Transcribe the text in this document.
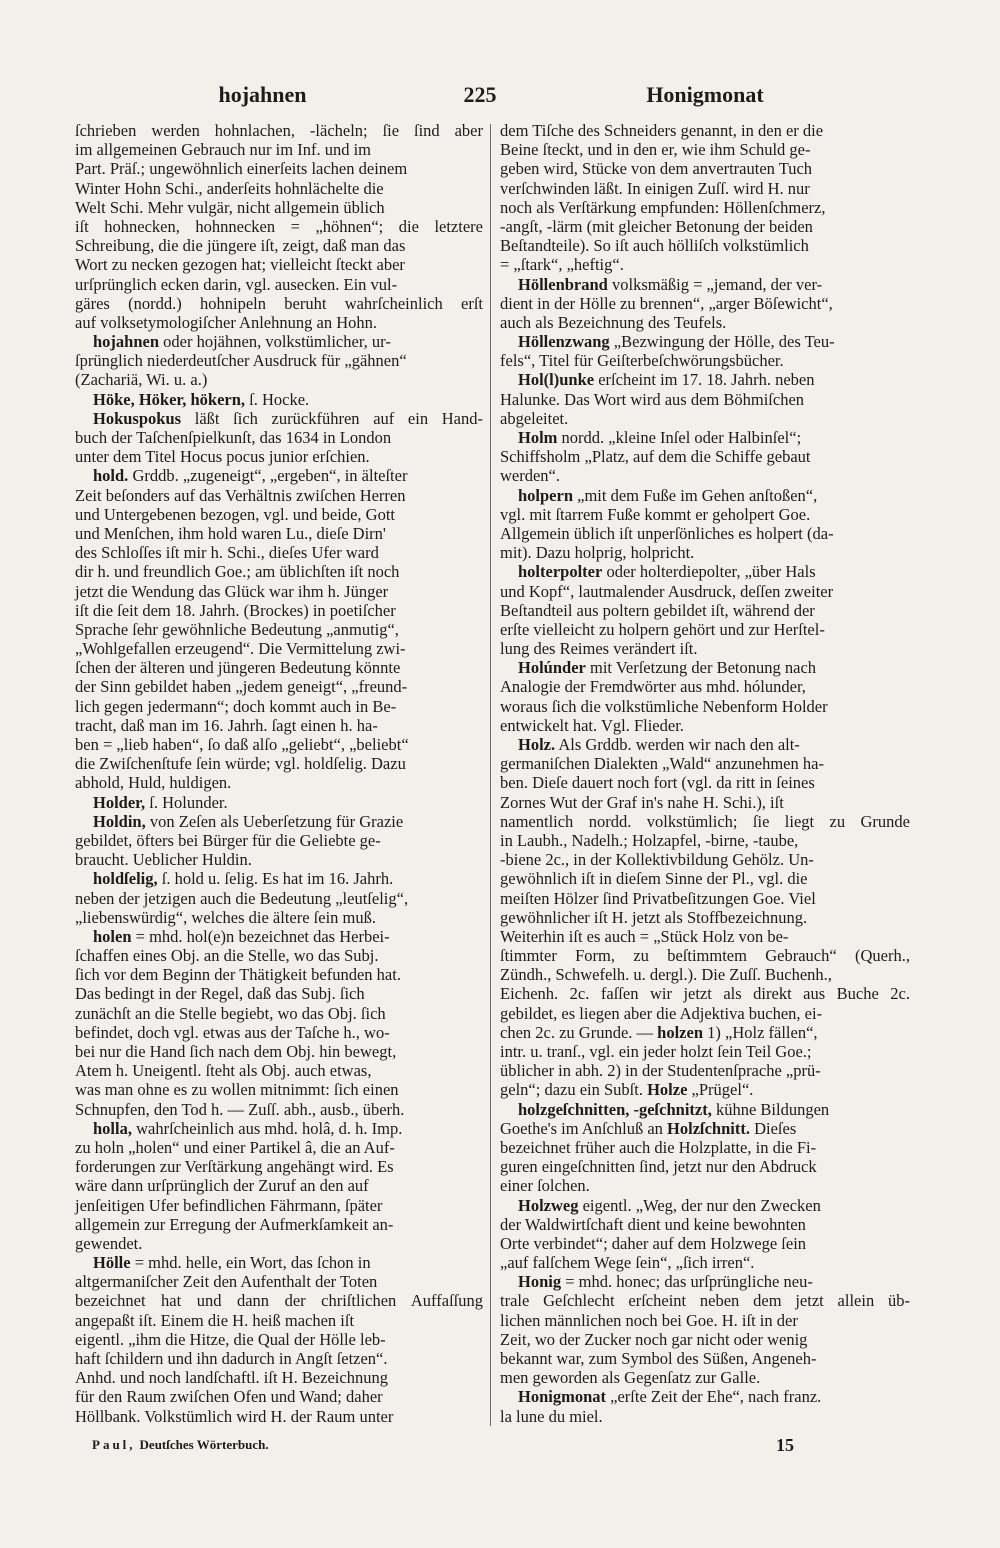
hojahnen	225	Honigmonat
ſchrieben werden hohnlachen, -lächeln; ſie ſind aber
im allgemeinen Gebrauch nur im Inf. und im
Part. Präſ.; ungewöhnlich einerſeits lachen deinem
Winter Hohn Schi., anderſeits hohnlächelte die
Welt Schi. Mehr vulgär, nicht allgemein üblich
iſt hohnecken, hohnnecken = „höhnen“; die letztere
Schreibung, die die jüngere iſt, zeigt, daß man das
Wort zu necken gezogen hat; vielleicht ſteckt aber
urſprünglich ecken darin, vgl. ausecken. Ein vul-
gäres (nordd.) hohnipeln beruht wahrſcheinlich erſt
auf volksetymologiſcher Anlehnung an Hohn.
hojahnen oder hojähnen, volkstümlicher, ur-
ſprünglich niederdeutſcher Ausdruck für „gähnen“
(Zachariä, Wi. u. a.)
Höke, Höker, hökern, ſ. Hocke.
Hokuspokus läßt ſich zurückführen auf ein Hand-
buch der Taſchenſpielkunſt, das 1634 in London
unter dem Titel Hocus pocus junior erſchien.
hold. Grddb. „zugeneigt“, „ergeben“, in älteſter
Zeit beſonders auf das Verhältnis zwiſchen Herren
und Untergebenen bezogen, vgl. und beide, Gott
und Menſchen, ihm hold waren Lu., dieſe Dirn'
des Schloſſes iſt mir h. Schi., dieſes Ufer ward
dir h. und freundlich Goe.; am üblichſten iſt noch
jetzt die Wendung das Glück war ihm h. Jünger
iſt die ſeit dem 18. Jahrh. (Brockes) in poetiſcher
Sprache ſehr gewöhnliche Bedeutung „anmutig“,
„Wohlgefallen erzeugend“. Die Vermittelung zwi-
ſchen der älteren und jüngeren Bedeutung könnte
der Sinn gebildet haben „jedem geneigt“, „freund-
lich gegen jedermann“; doch kommt auch in Be-
tracht, daß man im 16. Jahrh. ſagt einen h. ha-
ben = „lieb haben“, ſo daß alſo „geliebt“, „beliebt“
die Zwiſchenſtufe ſein würde; vgl. holdſelig. Dazu
abhold, Huld, huldigen.
Holder, ſ. Holunder.
Holdin, von Zeſen als Ueberſetzung für Grazie
gebildet, öfters bei Bürger für die Geliebte ge-
braucht. Ueblicher Huldin.
holdſelig, ſ. hold u. ſelig. Es hat im 16. Jahrh.
neben der jetzigen auch die Bedeutung „leutſelig“,
„liebenswürdig“, welches die ältere ſein muß.
holen = mhd. hol(e)n bezeichnet das Herbei-
ſchaffen eines Obj. an die Stelle, wo das Subj.
ſich vor dem Beginn der Thätigkeit befunden hat.
Das bedingt in der Regel, daß das Subj. ſich
zunächſt an die Stelle begiebt, wo das Obj. ſich
befindet, doch vgl. etwas aus der Taſche h., wo-
bei nur die Hand ſich nach dem Obj. hin bewegt,
Atem h. Uneigentl. ſteht als Obj. auch etwas,
was man ohne es zu wollen mitnimmt: ſich einen
Schnupfen, den Tod h. — Zuſſ. abh., ausb., überh.
holla, wahrſcheinlich aus mhd. holâ, d. h. Imp.
zu holn „holen“ und einer Partikel â, die an Auf-
forderungen zur Verſtärkung angehängt wird. Es
wäre dann urſprünglich der Zuruf an den auf
jenſeitigen Ufer befindlichen Fährmann, ſpäter
allgemein zur Erregung der Aufmerkſamkeit an-
gewendet.
Hölle = mhd. helle, ein Wort, das ſchon in
altgermaniſcher Zeit den Aufenthalt der Toten
bezeichnet hat und dann der chriſtlichen Auffaſſung
angepaßt iſt. Einem die H. heiß machen iſt
eigentl. „ihm die Hitze, die Qual der Hölle leb-
haft ſchildern und ihn dadurch in Angſt ſetzen“.
Anhd. und noch landſchaftl. iſt H. Bezeichnung
für den Raum zwiſchen Ofen und Wand; daher
Höllbank. Volkstümlich wird H. der Raum unter
dem Tiſche des Schneiders genannt, in den er die
Beine ſteckt, und in den er, wie ihm Schuld ge-
geben wird, Stücke von dem anvertrauten Tuch
verſchwinden läßt. In einigen Zuſſ. wird H. nur
noch als Verſtärkung empfunden: Höllenſchmerz,
-angſt, -lärm (mit gleicher Betonung der beiden
Beſtandteile). So iſt auch hölliſch volkstümlich
= „ſtark“, „heftig“.
Höllenbrand volksmäßig = „jemand, der ver-
dient in der Hölle zu brennen“, „arger Böſewicht“,
auch als Bezeichnung des Teufels.
Höllenzwang „Bezwingung der Hölle, des Teu-
fels“, Titel für Geiſterbeſchwörungsbücher.
Hol(l)unke erſcheint im 17. 18. Jahrh. neben
Halunke. Das Wort wird aus dem Böhmiſchen
abgeleitet.
Holm nordd. „kleine Inſel oder Halbinſel“;
Schiffsholm „Platz, auf dem die Schiffe gebaut
werden“.
holpern „mit dem Fuße im Gehen anſtoßen“,
vgl. mit ſtarrem Fuße kommt er geholpert Goe.
Allgemein üblich iſt unperſönliches es holpert (da-
mit). Dazu holprig, holpricht.
holterpolter oder holterdiepolter, „über Hals
und Kopf“, lautmalender Ausdruck, deſſen zweiter
Beſtandteil aus poltern gebildet iſt, während der
erſte vielleicht zu holpern gehört und zur Herſtel-
lung des Reimes verändert iſt.
Holúnder mit Verſetzung der Betonung nach
Analogie der Fremdwörter aus mhd. hólunder,
woraus ſich die volkstümliche Nebenform Holder
entwickelt hat. Vgl. Flieder.
Holz. Als Grddb. werden wir nach den alt-
germaniſchen Dialekten „Wald“ anzunehmen ha-
ben. Dieſe dauert noch fort (vgl. da ritt in ſeines
Zornes Wut der Graf in's nahe H. Schi.), iſt
namentlich nordd. volkstümlich; ſie liegt zu Grunde
in Laubh., Nadelh.; Holzapfel, -birne, -taube,
-biene 2c., in der Kollektivbildung Gehölz. Un-
gewöhnlich iſt in dieſem Sinne der Pl., vgl. die
meiſten Hölzer ſind Privatbeſitzungen Goe. Viel
gewöhnlicher iſt H. jetzt als Stoffbezeichnung.
Weiterhin iſt es auch = „Stück Holz von be-
ſtimmter Form, zu beſtimmtem Gebrauch“ (Querh.,
Zündh., Schwefelh. u. dergl.). Die Zuſſ. Buchenh.,
Eichenh. 2c. faſſen wir jetzt als direkt aus Buche 2c.
gebildet, es liegen aber die Adjektiva buchen, ei-
chen 2c. zu Grunde. — holzen 1) „Holz fällen“,
intr. u. tranſ., vgl. ein jeder holzt ſein Teil Goe.;
üblicher in abh. 2) in der Studentenſprache „prü-
geln“; dazu ein Subſt. Holze „Prügel“.
holzgeſchnitten, -geſchnitzt, kühne Bildungen
Goethe's im Anſchluß an Holzſchnitt. Dieſes
bezeichnet früher auch die Holzplatte, in die Fi-
guren eingeſchnitten ſind, jetzt nur den Abdruck
einer ſolchen.
Holzweg eigentl. „Weg, der nur den Zwecken
der Waldwirtſchaft dient und keine bewohnten
Orte verbindet“; daher auf dem Holzwege ſein
„auf falſchem Wege ſein“, „ſich irren“.
Honig = mhd. honec; das urſprüngliche neu-
trale Geſchlecht erſcheint neben dem jetzt allein üb-
lichen männlichen noch bei Goe. H. iſt in der
Zeit, wo der Zucker noch gar nicht oder wenig
bekannt war, zum Symbol des Süßen, Angeneh-
men geworden als Gegenſatz zur Galle.
Honigmonat „erſte Zeit der Ehe“, nach franz.
la lune du miel.
Paul, Deutſches Wörterbuch.	15
